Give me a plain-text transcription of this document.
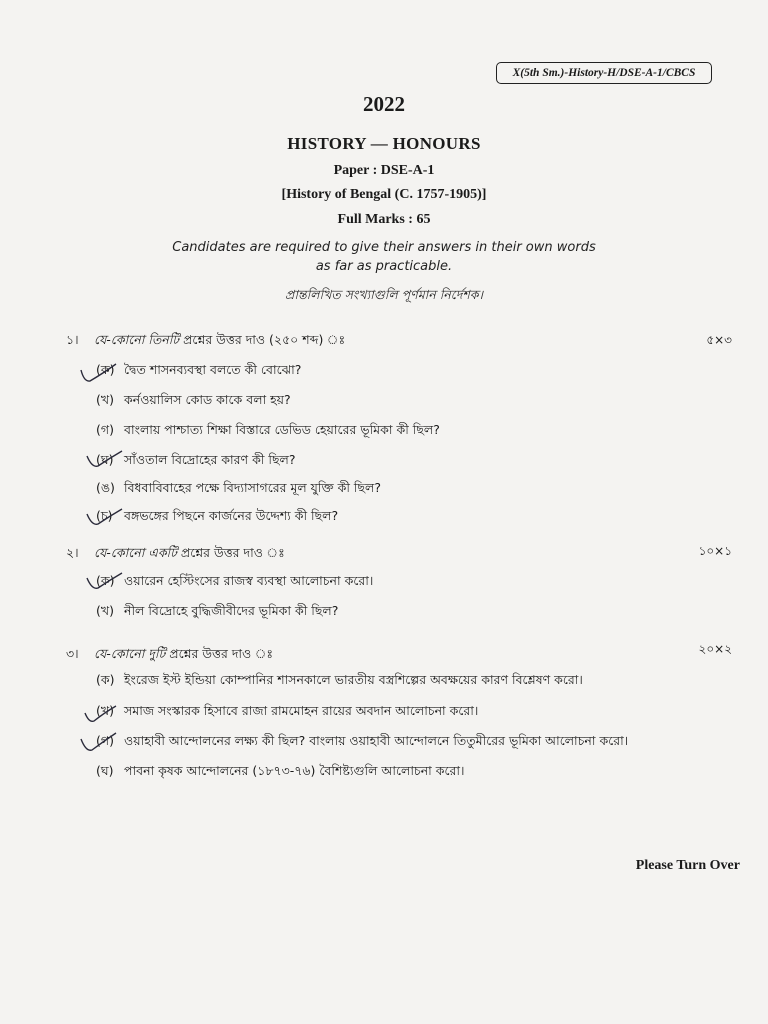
X(5th Sm.)-History-H/DSE-A-1/CBCS
2022
HISTORY — HONOURS
Paper : DSE-A-1
[History of Bengal (C. 1757-1905)]
Full Marks : 65
Candidates are required to give their answers in their own words
as far as practicable.
প্রান্তলিখিত সংখ্যাগুলি পূর্ণমান নির্দেশক।
১। যে-কোনো তিনটি প্রশ্নের উত্তর দাও (২৫০ শব্দ) ঃ	৫×৩
(ক) দ্বৈত শাসনব্যবস্থা বলতে কী বোঝো?
(খ) কর্নওয়ালিস কোড কাকে বলা হয়?
(গ) বাংলায় পাশ্চাত্য শিক্ষা বিস্তারে ডেভিড হেয়ারের ভূমিকা কী ছিল?
(ঘ) সাঁওতাল বিদ্রোহের কারণ কী ছিল?
(ঙ) বিধবাবিবাহের পক্ষে বিদ্যাসাগরের মূল যুক্তি কী ছিল?
(চ) বঙ্গভঙ্গের পিছনে কার্জনের উদ্দেশ্য কী ছিল?
২। যে-কোনো একটি প্রশ্নের উত্তর দাও ঃ	১০×১
(ক) ওয়ারেন হেস্টিংসের রাজস্ব ব্যবস্থা আলোচনা করো।
(খ) নীল বিদ্রোহে বুদ্ধিজীবীদের ভূমিকা কী ছিল?
৩। যে-কোনো দুটি প্রশ্নের উত্তর দাও ঃ	২০×২
(ক) ইংরেজ ইস্ট ইন্ডিয়া কোম্পানির শাসনকালে ভারতীয় বস্ত্রশিল্পের অবক্ষয়ের কারণ বিশ্লেষণ করো।
(খ) সমাজ সংস্কারক হিসাবে রাজা রামমোহন রায়ের অবদান আলোচনা করো।
(গ) ওয়াহাবী আন্দোলনের লক্ষ্য কী ছিল? বাংলায় ওয়াহাবী আন্দোলনে তিতুমীরের ভূমিকা আলোচনা করো।
(ঘ) পাবনা কৃষক আন্দোলনের (১৮৭৩-৭৬) বৈশিষ্ট্যগুলি আলোচনা করো।
Please Turn Over
